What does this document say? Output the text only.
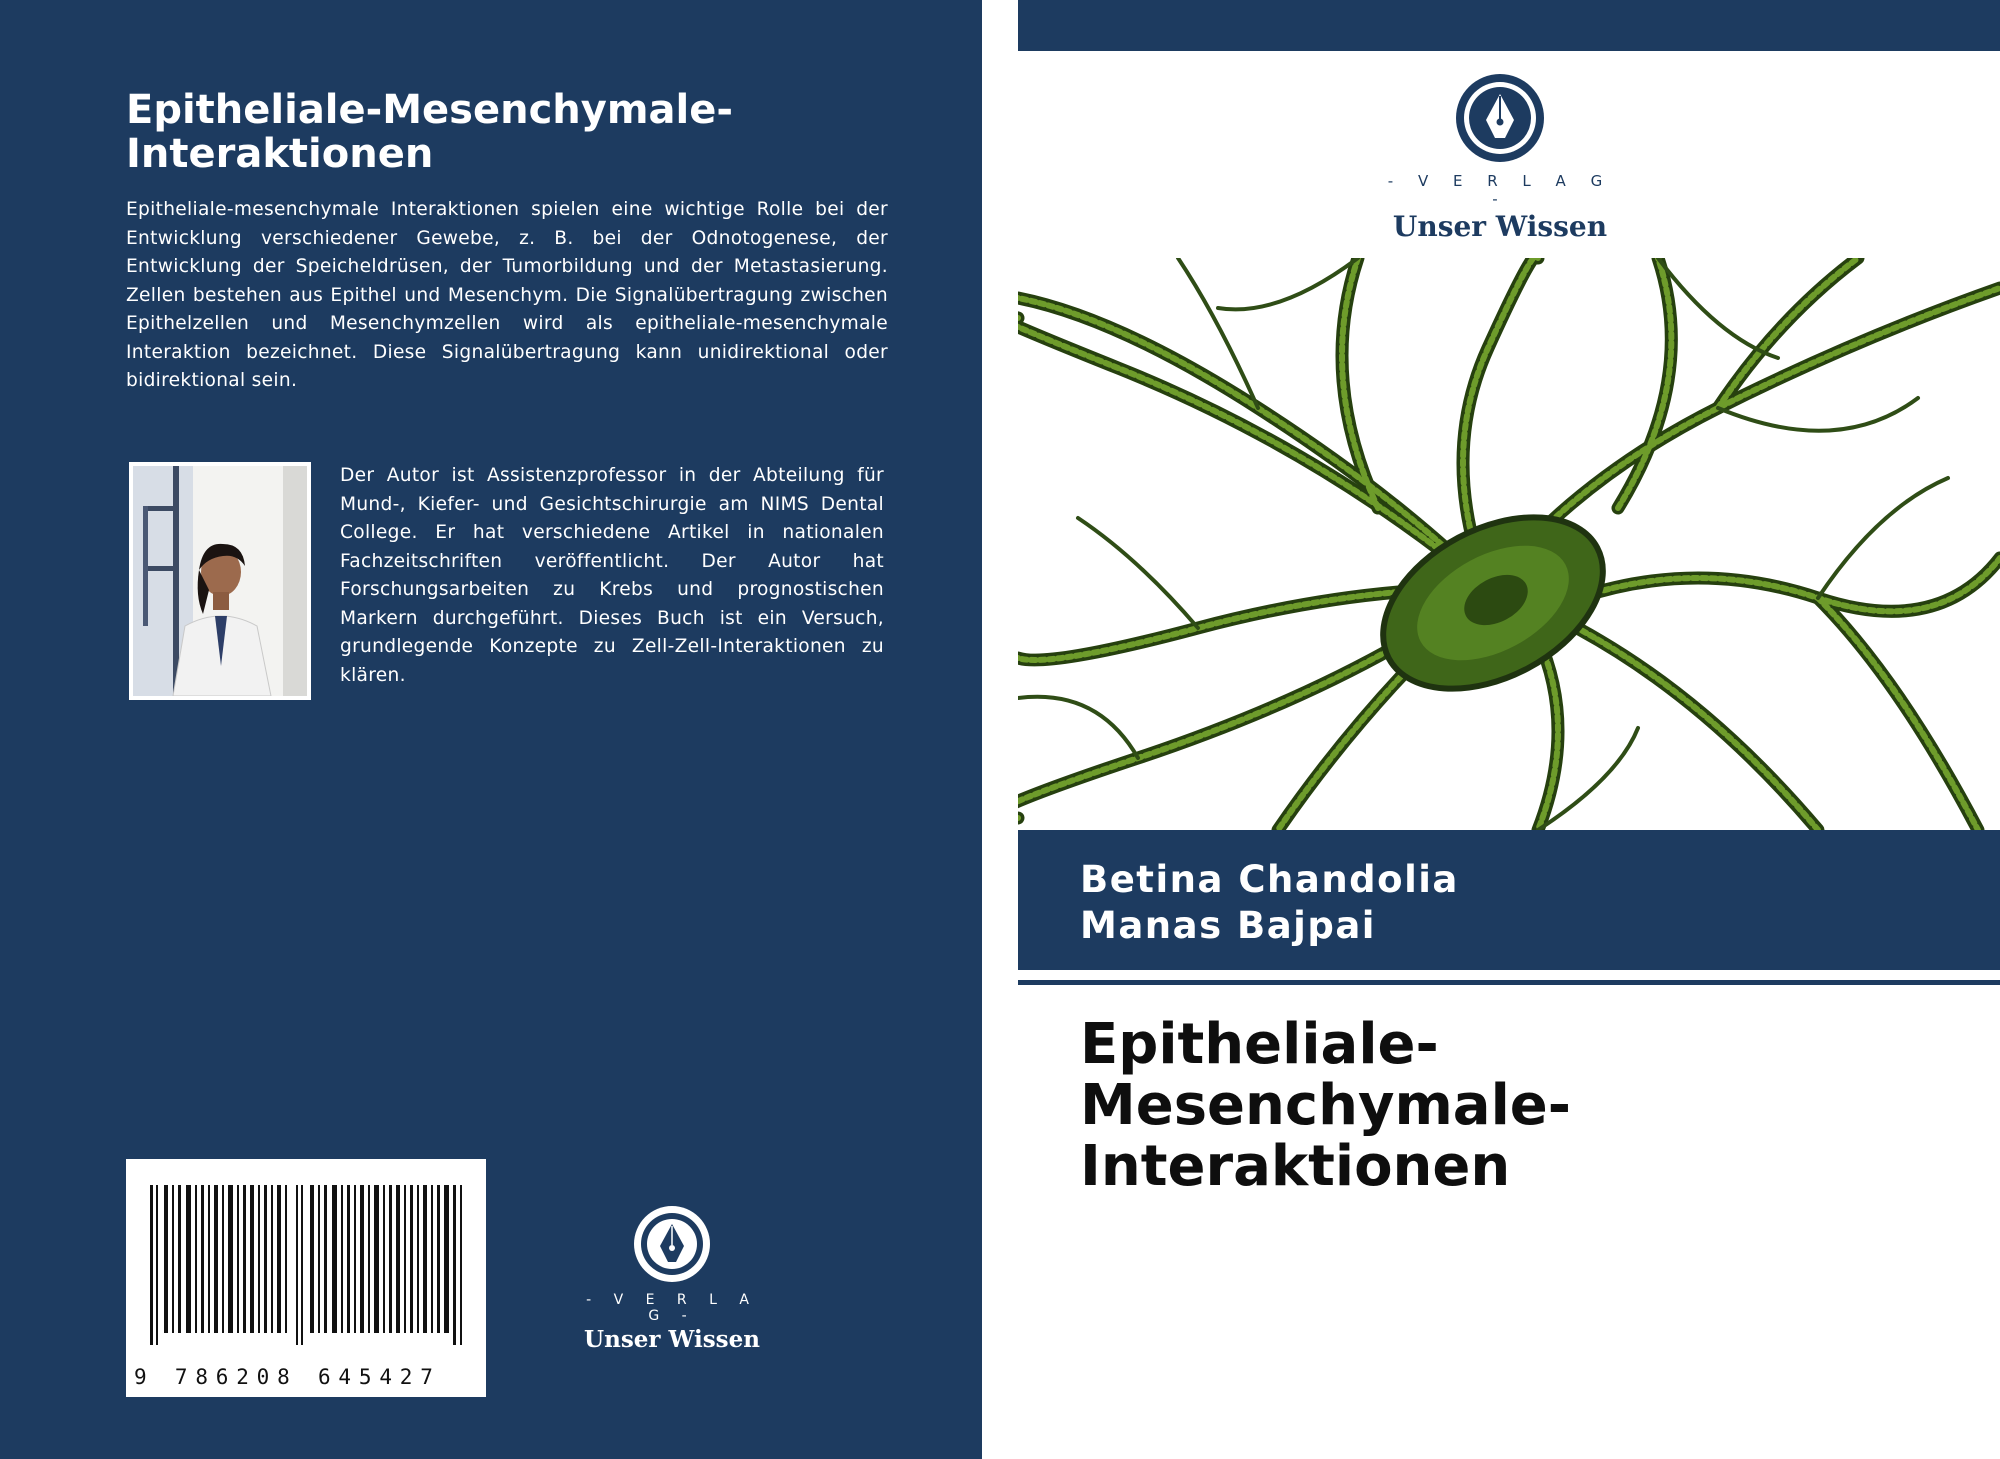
Epitheliale-Mesenchymale-Interaktionen

Epitheliale-mesenchymale Interaktionen spielen eine wichtige Rolle bei der Entwicklung verschiedener Gewebe, z. B. bei der Odnotogenese, der Entwicklung der Speicheldrüsen, der Tumorbildung und der Metastasierung. Zellen bestehen aus Epithel und Mesenchym. Die Signalübertragung zwischen Epithelzellen und Mesenchymzellen wird als epitheliale-mesenchymale Interaktion bezeichnet. Diese Signalübertragung kann unidirektional oder bidirektional sein.

Der Autor ist Assistenzprofessor in der Abteilung für Mund-, Kiefer- und Gesichtschirurgie am NIMS Dental College. Er hat verschiedene Artikel in nationalen Fachzeitschriften veröffentlicht. Der Autor hat Forschungsarbeiten zu Krebs und prognostischen Markern durchgeführt. Dieses Buch ist ein Versuch, grundlegende Konzepte zu Zell-Zell-Interaktionen zu klären.

9 786208 645427
- V E R L A G -
Unser Wissen
- V E R L A G -
Unser Wissen
Betina Chandolia
Manas Bajpai
Epitheliale-
Mesenchymale-
Interaktionen
